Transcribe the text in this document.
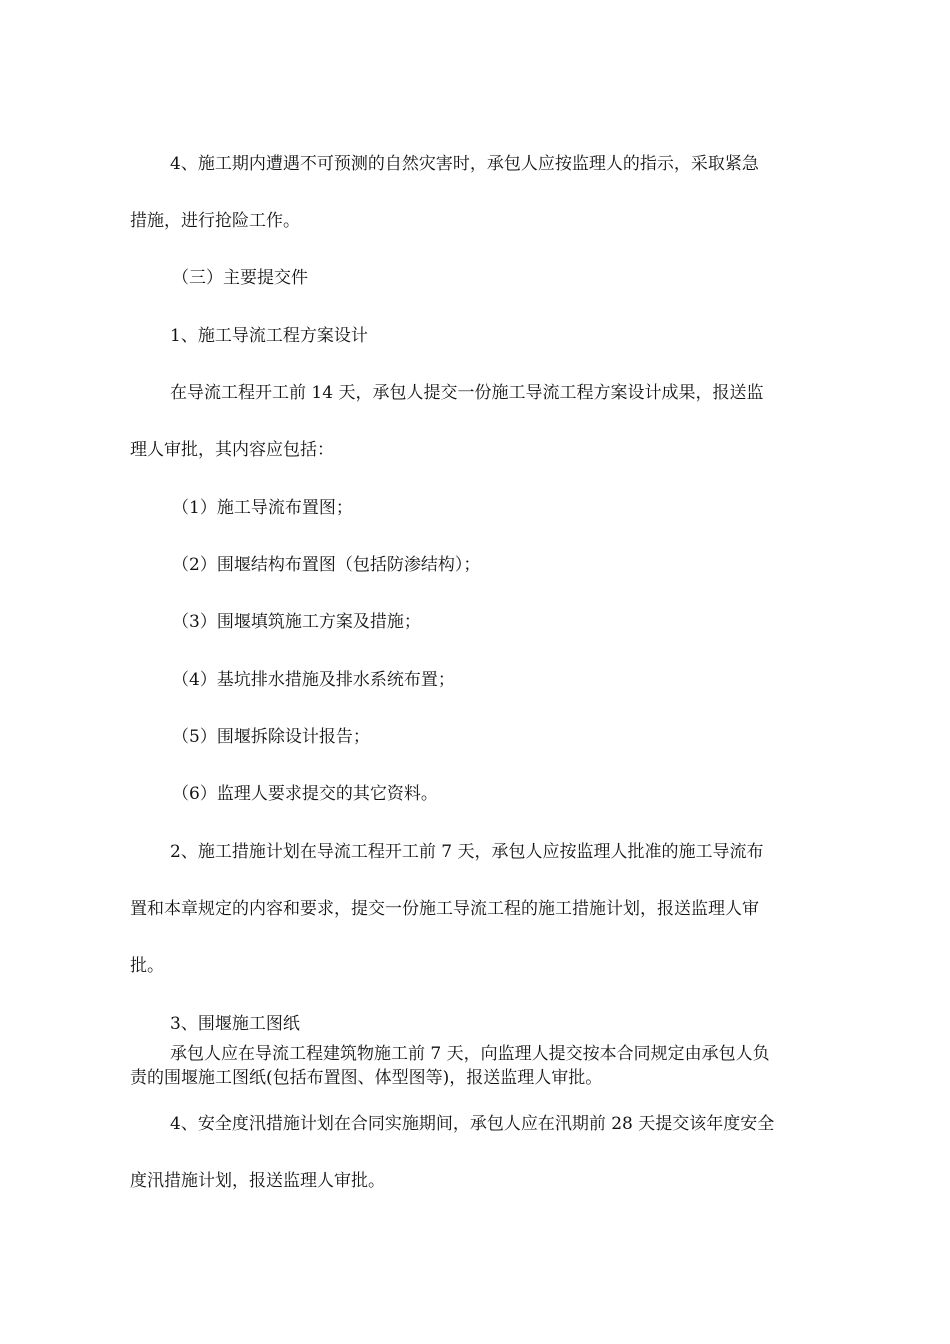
4、施工期内遭遇不可预测的自然灾害时，承包人应按监理人的指示，采取紧急
措施，进行抢险工作。
（三）主要提交件
1、施工导流工程方案设计
在导流工程开工前 14 天，承包人提交一份施工导流工程方案设计成果，报送监
理人审批，其内容应包括：
（1）施工导流布置图；
（2）围堰结构布置图（包括防渗结构）；
（3）围堰填筑施工方案及措施；
（4）基坑排水措施及排水系统布置；
（5）围堰拆除设计报告；
（6）监理人要求提交的其它资料。
2、施工措施计划在导流工程开工前 7 天，承包人应按监理人批准的施工导流布
置和本章规定的内容和要求，提交一份施工导流工程的施工措施计划，报送监理人审
批。
3、围堰施工图纸
承包人应在导流工程建筑物施工前 7 天，向监理人提交按本合同规定由承包人负
责的围堰施工图纸(包括布置图、体型图等)，报送监理人审批。
4、安全度汛措施计划在合同实施期间，承包人应在汛期前 28 天提交该年度安全
度汛措施计划，报送监理人审批。
